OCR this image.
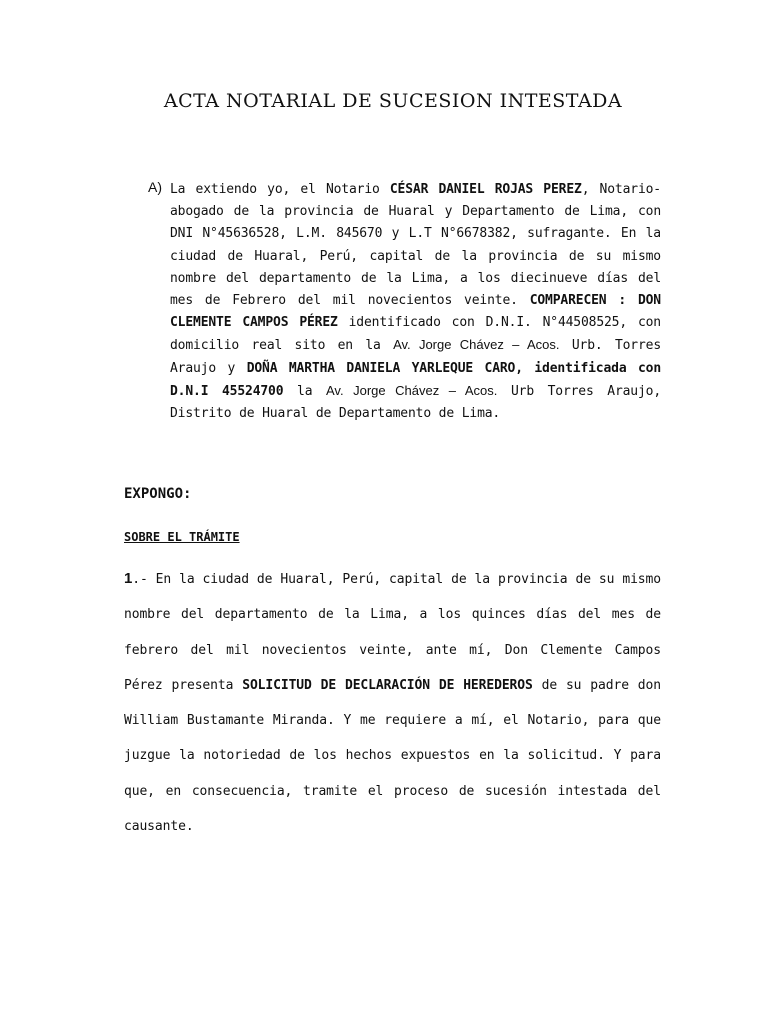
ACTA NOTARIAL DE SUCESION INTESTADA
A) La extiendo yo, el Notario CÉSAR DANIEL ROJAS PEREZ, Notario-abogado de la provincia de Huaral y Departamento de Lima, con DNI N°45636528, L.M. 845670 y L.T N°6678382, sufragante. En la ciudad de Huaral, Perú, capital de la provincia de su mismo nombre del departamento de la Lima, a los diecinueve días del mes de Febrero del mil novecientos veinte. COMPARECEN : DON CLEMENTE CAMPOS PÉREZ identificado con D.N.I. N°44508525, con domicilio real sito en la Av. Jorge Chávez – Acos. Urb. Torres Araujo y DOÑA MARTHA DANIELA YARLEQUE CARO, identificada con D.N.I 45524700 la Av. Jorge Chávez – Acos. Urb Torres Araujo, Distrito de Huaral de Departamento de Lima.

EXPONGO:
SOBRE EL TRÁMITE

1.- En la ciudad de Huaral, Perú, capital de la provincia de su mismo nombre del departamento de la Lima, a los quinces días del mes de febrero del mil novecientos veinte, ante mí, Don Clemente Campos Pérez presenta SOLICITUD DE DECLARACIÓN DE HEREDEROS de su padre don William Bustamante Miranda. Y me requiere a mí, el Notario, para que juzgue la notoriedad de los hechos expuestos en la solicitud. Y para que, en consecuencia, tramite el proceso de sucesión intestada del causante.
